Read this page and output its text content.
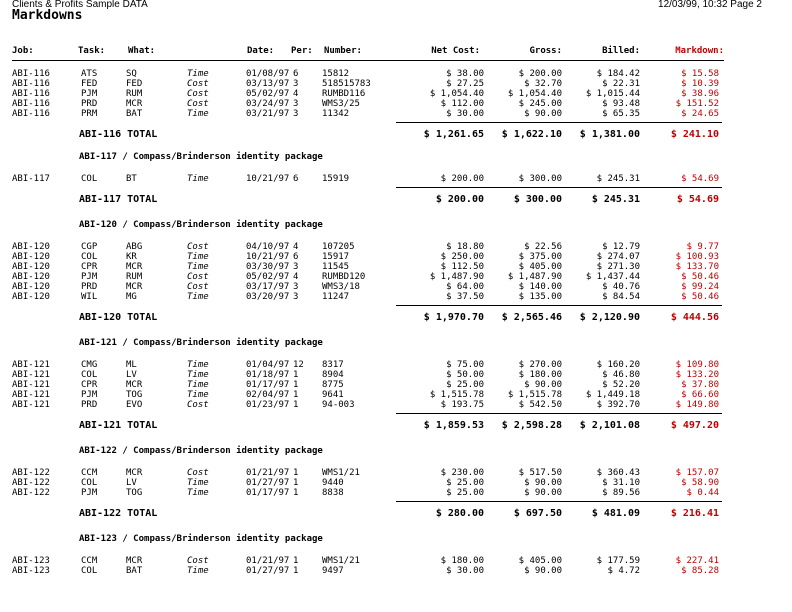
Clients & Profits Sample DATA	12/03/99, 10:32 Page 2
Markdowns
Job:	Task:	What:	Date: Per: Number:	Net Cost:	Gross:	Billed:	Markdown:
ABI-116	ATS	SQ	Time	01/08/97 6	15812	$ 38.00	$ 200.00	$ 184.42	$ 15.58
ABI-116	FED	FED	Cost	03/13/97 3	518515783	$ 27.25	$ 32.70	$ 22.31	$ 10.39
ABI-116	PJM	RUM	Cost	05/02/97 4	RUMBD116	$ 1,054.40	$ 1,054.40	$ 1,015.44	$ 38.96
ABI-116	PRD	MCR	Cost	03/24/97 3	WMS3/25	$ 112.00	$ 245.00	$ 93.48	$ 151.52
ABI-116	PRM	BAT	Time	03/21/97 3	11342	$ 30.00	$ 90.00	$ 65.35	$ 24.65
ABI-116 TOTAL	$ 1,261.65 $ 1,622.10 $ 1,381.00	$ 241.10
ABI-117 / Compass/Brinderson identity package
ABI-117	COL	BT	Time	10/21/97 6	15919	$ 200.00	$ 300.00	$ 245.31	$ 54.69
ABI-117 TOTAL	$ 200.00	$ 300.00	$ 245.31	$ 54.69
ABI-120 / Compass/Brinderson identity package
ABI-120	CGP	ABG	Cost	04/10/97 4	107205	$ 18.80	$ 22.56	$ 12.79	$ 9.77
ABI-120	COL	KR	Time	10/21/97 6	15917	$ 250.00	$ 375.00	$ 274.07	$ 100.93
ABI-120	CPR	MCR	Time	03/30/97 3	11545	$ 112.50	$ 405.00	$ 271.30	$ 133.70
ABI-120	PJM	RUM	Cost	05/02/97 4	RUMBD120	$ 1,487.90	$ 1,487.90	$ 1,437.44	$ 50.46
ABI-120	PRD	MCR	Cost	03/17/97 3	WMS3/18	$ 64.00	$ 140.00	$ 40.76	$ 99.24
ABI-120	WIL	MG	Time	03/20/97 3	11247	$ 37.50	$ 135.00	$ 84.54	$ 50.46
ABI-120 TOTAL	$ 1,970.70 $ 2,565.46 $ 2,120.90	$ 444.56
ABI-121 / Compass/Brinderson identity package
ABI-121	CMG	ML	Time	01/04/97 12 8317	$ 75.00	$ 270.00	$ 160.20	$ 109.80
ABI-121	COL	LV	Time	01/18/97 1	8904	$ 50.00	$ 180.00	$ 46.80	$ 133.20
ABI-121	CPR	MCR	Time	01/17/97 1	8775	$ 25.00	$ 90.00	$ 52.20	$ 37.80
ABI-121	PJM	TOG	Time	02/04/97 1	9641	$ 1,515.78	$ 1,515.78	$ 1,449.18	$ 66.60
ABI-121	PRD	EVO	Cost	01/23/97 1	94-003	$ 193.75	$ 542.50	$ 392.70	$ 149.80
ABI-121 TOTAL	$ 1,859.53 $ 2,598.28 $ 2,101.08	$ 497.20
ABI-122 / Compass/Brinderson identity package
ABI-122	CCM	MCR	Cost	01/21/97 1	WMS1/21	$ 230.00	$ 517.50	$ 360.43	$ 157.07
ABI-122	COL	LV	Time	01/27/97 1	9440	$ 25.00	$ 90.00	$ 31.10	$ 58.90
ABI-122	PJM	TOG	Time	01/17/97 1	8838	$ 25.00	$ 90.00	$ 89.56	$ 0.44
ABI-122 TOTAL	$ 280.00	$ 697.50	$ 481.09	$ 216.41
ABI-123 / Compass/Brinderson identity package
ABI-123	CCM	MCR	Cost	01/21/97 1	WMS1/21	$ 180.00	$ 405.00	$ 177.59	$ 227.41
ABI-123	COL	BAT	Time	01/27/97 1	9497	$ 30.00	$ 90.00	$ 4.72	$ 85.28
